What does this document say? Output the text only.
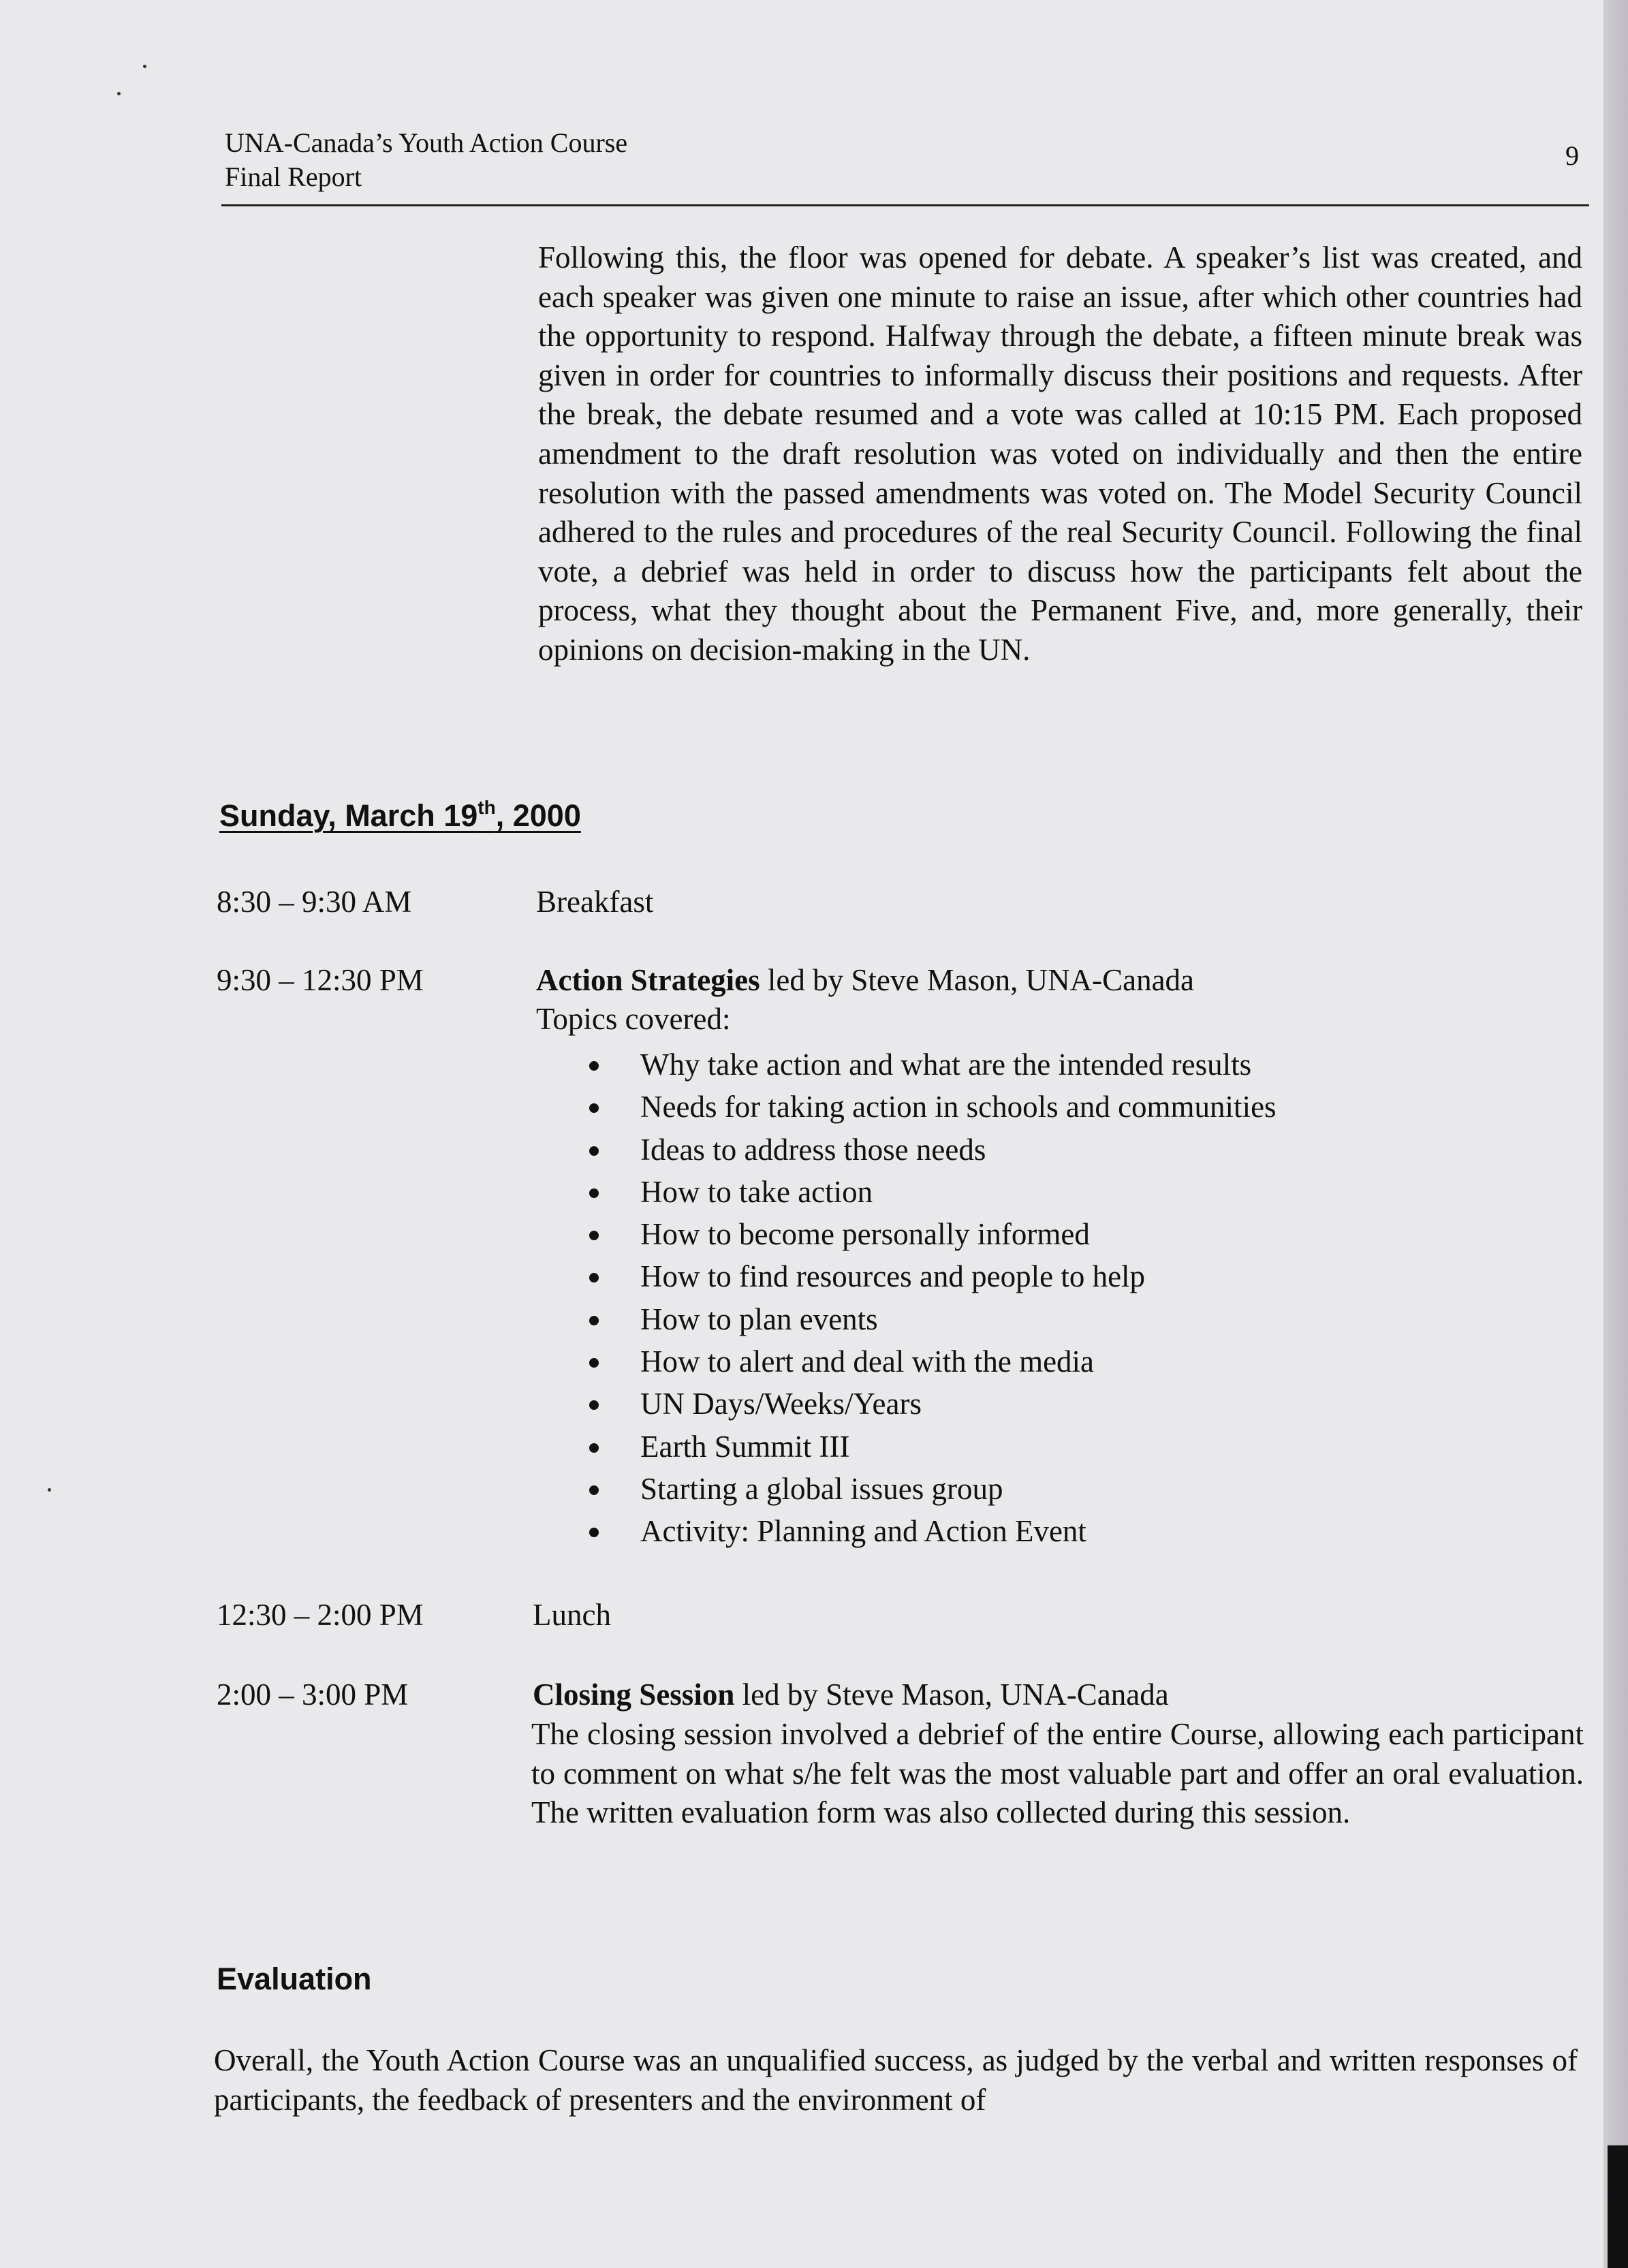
UNA-Canada’s Youth Action Course
Final Report
9

Following this, the floor was opened for debate. A speaker’s list was created, and each speaker was given one minute to raise an issue, after which other countries had the opportunity to respond. Halfway through the debate, a fifteen minute break was given in order for countries to informally discuss their positions and requests. After the break, the debate resumed and a vote was called at 10:15 PM. Each proposed amendment to the draft resolution was voted on individually and then the entire resolution with the passed amendments was voted on. The Model Security Council adhered to the rules and procedures of the real Security Council. Following the final vote, a debrief was held in order to discuss how the participants felt about the process, what they thought about the Permanent Five, and, more generally, their opinions on decision-making in the UN.

Sunday, March 19th, 2000
8:30 – 9:30 AM	Breakfast
9:30 – 12:30 PM	Action Strategies led by Steve Mason, UNA-Canada
Topics covered:
Why take action and what are the intended results
Needs for taking action in schools and communities
Ideas to address those needs
How to take action
How to become personally informed
How to find resources and people to help
How to plan events
How to alert and deal with the media
UN Days/Weeks/Years
Earth Summit III
Starting a global issues group
Activity: Planning and Action Event
12:30 – 2:00 PM	Lunch
2:00 – 3:00 PM	Closing Session led by Steve Mason, UNA-Canada

The closing session involved a debrief of the entire Course, allowing each participant to comment on what s/he felt was the most valuable part and offer an oral evaluation. The written evaluation form was also collected during this session.

Evaluation

Overall, the Youth Action Course was an unqualified success, as judged by the verbal and written responses of participants, the feedback of presenters and the environment of
